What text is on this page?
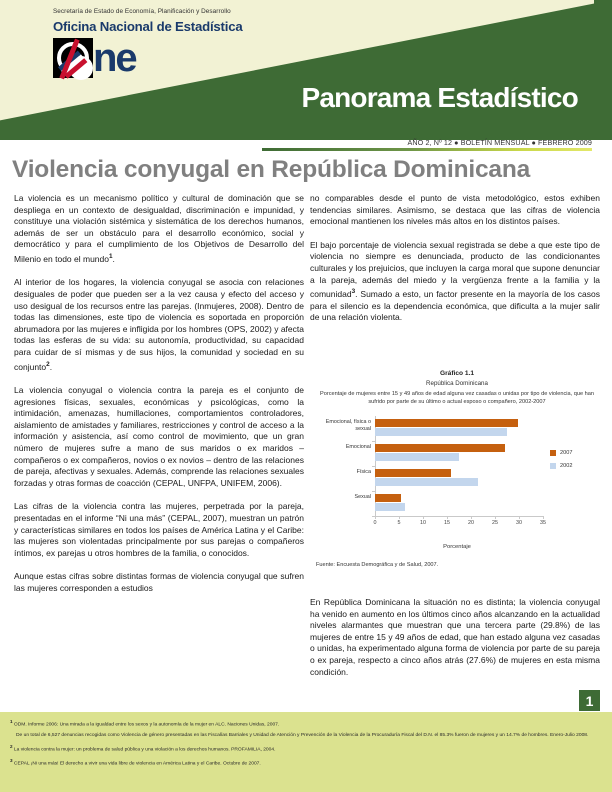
Secretaría de Estado de Economía, Planificación y Desarrollo
Oficina Nacional de Estadística
ne
Panorama Estadístico
AÑO 2, Nº 12 ● BOLETÍN MENSUAL ● FEBRERO 2009
Violencia conyugal en República Dominicana

La violencia es un mecanismo político y cultural de dominación que se despliega en un contexto de desigualdad, discriminación e impunidad, y constituye una violación sistémica y sistemática de los derechos humanos, además de ser un obstáculo para el desarrollo económico, social y democrático y para el cumplimiento de los Objetivos de Desarrollo del Milenio en todo el mundo$^1$.

Al interior de los hogares, la violencia conyugal se asocia con relaciones desiguales de poder que pueden ser a la vez causa y efecto del acceso y uso desigual de los recursos entre las parejas. (Inmujeres, 2008). Dentro de todas las dimensiones, este tipo de violencia es soportada en proporción abrumadora por las mujeres e infligida por los hombres (OPS, 2002) y afecta todas las esferas de su vida: su autonomía, productividad, su capacidad para cuidar de sí mismas y de sus hijos, la comunidad y sociedad en su conjunto$^2$.

La violencia conyugal o violencia contra la pareja es el conjunto de agresiones físicas, sexuales, económicas y psicológicas, como la intimidación, amenazas, humillaciones, comportamientos controladores, aislamiento de amistades y familiares, restricciones y control de acceso a la información y asistencia, así como control de movimiento, que un gran número de mujeres sufre a mano de sus maridos o ex maridos –compañeros o ex compañeros, novios o ex novios – dentro de las relaciones de pareja, afectivas y sexuales. Además, comprende las relaciones sexuales forzadas y otras formas de coacción (CEPAL, UNFPA, UNIFEM, 2006).

Las cifras de la violencia contra las mujeres, perpetrada por la pareja, presentadas en el informe “Ni una más” (CEPAL, 2007), muestran un patrón y características similares en todos los países de América Latina y el Caribe: las mujeres son violentadas principalmente por sus parejas o compañeros íntimos, ex parejas u otros hombres de la familia, o conocidos.

Aunque estas cifras sobre distintas formas de violencia conyugal que sufren las mujeres corresponden a estudios

no comparables desde el punto de vista metodológico, estos exhiben tendencias similares. Asimismo, se destaca que las cifras de violencia emocional mantienen los niveles más altos en los distintos países.

El bajo porcentaje de violencia sexual registrada se debe a que este tipo de violencia no siempre es denunciada, producto de las condicionantes culturales y los prejuicios, que incluyen la carga moral que supone denunciar a la pareja, además del miedo y la vergüenza frente a la familia y la comunidad$^3$. Sumado a esto, un factor presente en la mayoría de los casos para el silencio es la dependencia económica, que dificulta a la mujer salir de una relación violenta.

Gráfico 1.1
República Dominicana
Porcentaje de mujeres entre 15 y 49 años de edad alguna vez casadas o unidas por tipo de violencia, que han sufrido por parte de su último o actual esposo o compañero, 2002-2007
Emocional, física o sexual
Emocional
Física
Sexual
0	5	10	15	20	25	30	35
2007
2002
Porcentaje
Fuente: Encuesta Demográfica y de Salud, 2007.

En República Dominicana la situación no es distinta; la violencia conyugal ha venido en aumento en los últimos cinco años alcanzando en la actualidad niveles alarmantes que muestran que una tercera parte (29.8%) de las mujeres de entre 15 y 49 años de edad, que han estado alguna vez casadas o unidas, ha experimentado alguna forma de violencia por parte de su pareja o ex pareja, respecto a cinco años atrás (27.6%) de mujeres en esta misma condición.

1
$^1$ ODM. Informe 2006: Una mirada a la igualdad entre los sexos y la autonomía de la mujer en ALC. Naciones Unidas, 2007.
De un total de 6,527 denuncias recogidas como Violencia de género presentadas en las Fiscalías Barriales y Unidad de Atención y Prevención de la Violencia de la Procuraduría Fiscal del D.N. el 85.3% fueron de mujeres y un 14.7% de hombres. Enero-Julio 2008.
$^2$ La violencia contra la mujer: un problema de salud pública y una violación a los derechos humanos. PROFAMILIA, 2004.
$^3$ CEPAL ¡Ni una más! El derecho a vivir una vida libre de violencia en América Latina y el Caribe. Octubre de 2007.
